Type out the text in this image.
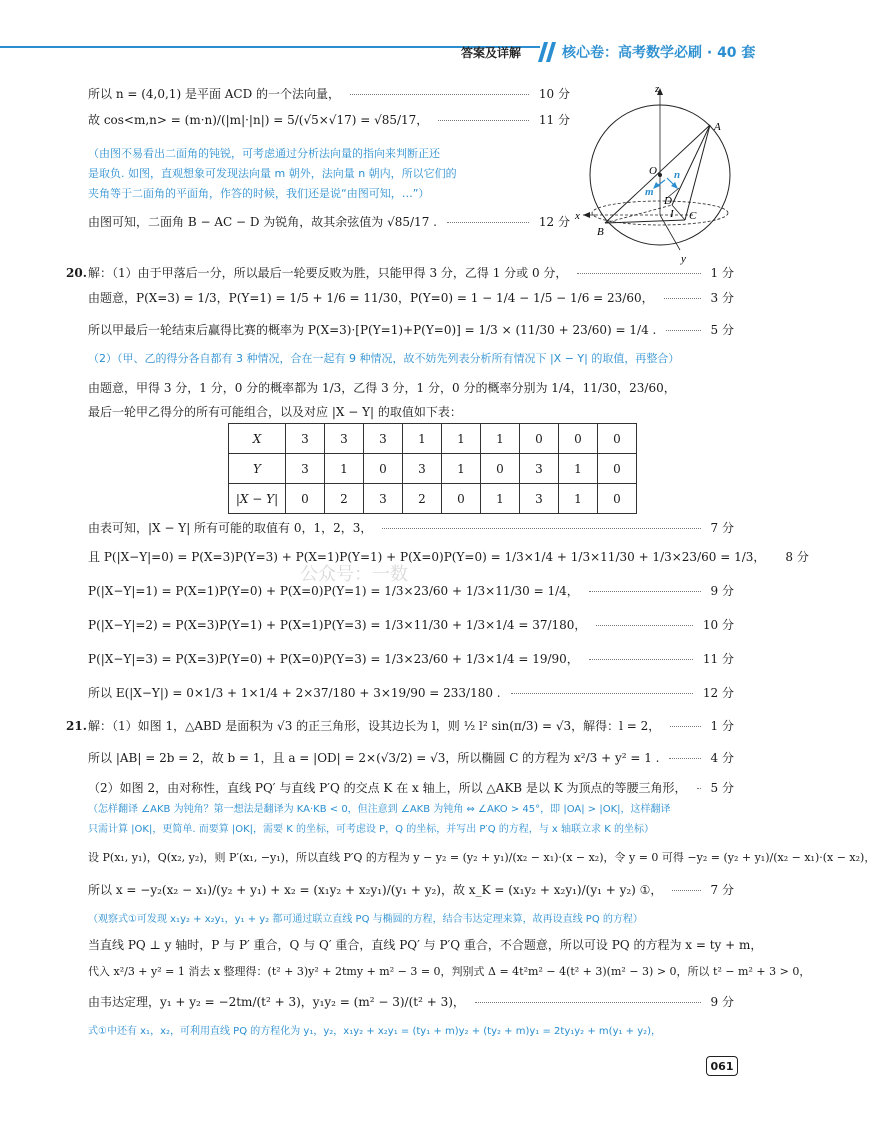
答案及详解	核心卷：高考数学必刷 · 40 套
所以 n = (4,0,1) 是平面 ACD 的一个法向量，	10 分
故 cos<m,n> = (m·n)/(|m|·|n|) = 5/(√5×√17) = √85/17，	11 分
（由图不易看出二面角的钝锐，可考虑通过分析法向量的指向来判断正还
是取负. 如图，直观想象可发现法向量 m 朝外，法向量 n 朝内，所以它们的
夹角等于二面角的平面角，作答的时候，我们还是说“由图可知，…”）
由图可知，二面角 B − AC − D 为锐角，故其余弦值为 √85/17 .	12 分
z
A
O n
m
D
I C
B
x
y
20. 解：（1）由于甲落后一分，所以最后一轮要反败为胜，只能甲得 3 分，乙得 1 分或 0 分，	1 分
由题意，P(X=3) = 1/3，P(Y=1) = 1/5 + 1/6 = 11/30，P(Y=0) = 1 − 1/4 − 1/5 − 1/6 = 23/60，	3 分
所以甲最后一轮结束后赢得比赛的概率为 P(X=3)·[P(Y=1)+P(Y=0)] = 1/3 × (11/30 + 23/60) = 1/4 .	5 分
（2）（甲、乙的得分各自都有 3 种情况，合在一起有 9 种情况，故不妨先列表分析所有情况下 |X − Y| 的取值，再整合）
由题意，甲得 3 分，1 分，0 分的概率都为 1/3，乙得 3 分，1 分，0 分的概率分别为 1/4，11/30，23/60，
最后一轮甲乙得分的所有可能组合，以及对应 |X − Y| 的取值如下表：
X	3	3	3	1	1	1	0	0	0
Y	3	1	0	3	1	0	3	1	0
|X − Y|	0	2	3	2	0	1	3	1	0
由表可知，|X − Y| 所有可能的取值有 0，1，2，3，	7 分
且 P(|X−Y|=0) = P(X=3)P(Y=3) + P(X=1)P(Y=1) + P(X=0)P(Y=0) = 1/3×1/4 + 1/3×11/30 + 1/3×23/60 = 1/3， 8 分
公众号：一数
P(|X−Y|=1) = P(X=1)P(Y=0) + P(X=0)P(Y=1) = 1/3×23/60 + 1/3×11/30 = 1/4，	9 分
P(|X−Y|=2) = P(X=3)P(Y=1) + P(X=1)P(Y=3) = 1/3×11/30 + 1/3×1/4 = 37/180，	10 分
P(|X−Y|=3) = P(X=3)P(Y=0) + P(X=0)P(Y=3) = 1/3×23/60 + 1/3×1/4 = 19/90，	11 分
所以 E(|X−Y|) = 0×1/3 + 1×1/4 + 2×37/180 + 3×19/90 = 233/180 .	12 分
21. 解：（1）如图 1，△ABD 是面积为 √3 的正三角形，设其边长为 l，则 ½ l² sin(π/3) = √3，解得：l = 2，	1 分
所以 |AB| = 2b = 2，故 b = 1，且 a = |OD| = 2×(√3/2) = √3，所以椭圆 C 的方程为 x²/3 + y² = 1 .	4 分
（2）如图 2，由对称性，直线 PQ′ 与直线 P′Q 的交点 K 在 x 轴上，所以 △AKB 是以 K 为顶点的等腰三角形， 5 分
（怎样翻译 ∠AKB 为钝角？第一想法是翻译为 KA·KB < 0，但注意到 ∠AKB 为钝角 ⇔ ∠AKO > 45°，即 |OA| > |OK|，这样翻译
只需计算 |OK|，更简单. 而要算 |OK|，需要 K 的坐标，可考虑设 P，Q 的坐标，并写出 P′Q 的方程，与 x 轴联立求 K 的坐标）
设 P(x₁, y₁)，Q(x₂, y₂)，则 P′(x₁, −y₁)，所以直线 P′Q 的方程为 y − y₂ = (y₂ + y₁)/(x₂ − x₁)·(x − x₂)，令 y = 0 可得 −y₂ = (y₂ + y₁)/(x₂ − x₁)·(x − x₂)，
所以 x = −y₂(x₂ − x₁)/(y₂ + y₁) + x₂ = (x₁y₂ + x₂y₁)/(y₁ + y₂)，故 x_K = (x₁y₂ + x₂y₁)/(y₁ + y₂) ①，	7 分
（观察式①可发现 x₁y₂ + x₂y₁，y₁ + y₂ 都可通过联立直线 PQ 与椭圆的方程，结合韦达定理来算，故再设直线 PQ 的方程）
当直线 PQ ⊥ y 轴时，P 与 P′ 重合，Q 与 Q′ 重合，直线 PQ′ 与 P′Q 重合，不合题意，所以可设 PQ 的方程为 x = ty + m，
代入 x²/3 + y² = 1 消去 x 整理得：(t² + 3)y² + 2tmy + m² − 3 = 0，判别式 Δ = 4t²m² − 4(t² + 3)(m² − 3) > 0，所以 t² − m² + 3 > 0，
由韦达定理，y₁ + y₂ = −2tm/(t² + 3)，y₁y₂ = (m² − 3)/(t² + 3)，	9 分
式①中还有 x₁，x₂，可利用直线 PQ 的方程化为 y₁，y₂，x₁y₂ + x₂y₁ = (ty₁ + m)y₂ + (ty₂ + m)y₁ = 2ty₁y₂ + m(y₁ + y₂)，
061
